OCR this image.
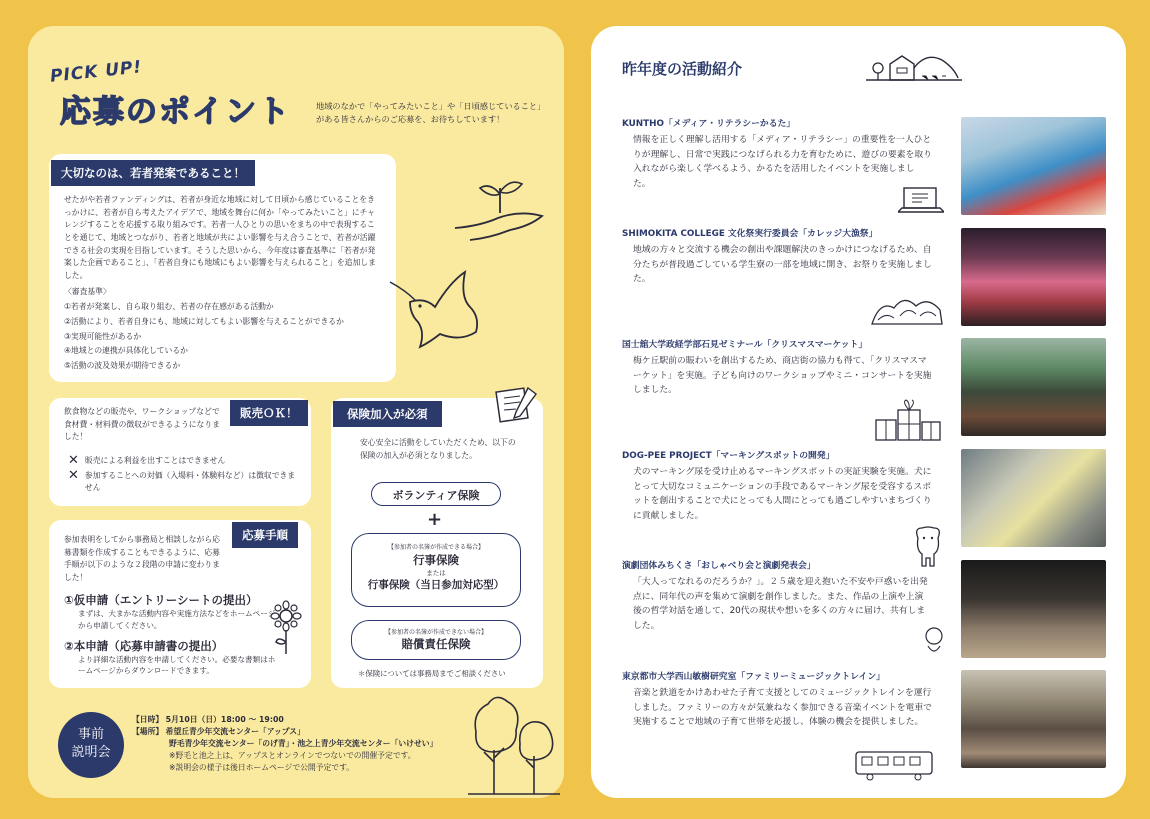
PICK UP!
応募のポイント	地域のなかで「やってみたいこと」や「日頃感じていること」がある皆さんからのご応募を、お待ちしています！
大切なのは、若者発案であること！
せたがや若者ファンディングは、若者が身近な地域に対して日頃から感じていることをきっかけに、若者が自ら考えたアイデアで、地域を舞台に何か「やってみたいこと」にチャレンジすることを応援する取り組みです。若者一人ひとりの思いをまちの中で表現することを通じて、地域とつながり、若者と地域が共によい影響を与え合うことで、若者が活躍できる社会の実現を目指しています。そうした思いから、今年度は審査基準に「若者が発案した企画であること」、「若者自身にも地域にもよい影響を与えられること」を追加しました。
〈審査基準〉
①若者が発案し、自ら取り組む、若者の存在感がある活動か
②活動により、若者自身にも、地域に対してもよい影響を与えることができるか
③実現可能性があるか
④地域との連携が具体化しているか
⑤活動の波及効果が期待できるか
販売ＯＫ！
飲食物などの販売や、ワークショップなどで食材費・材料費の徴収ができるようになりました！
✕ 販売による利益を出すことはできません
✕ 参加することへの対価（入場料・体験料など）は徴収できません
応募手順
参加表明をしてから事務局と相談しながら応募書類を作成することもできるように、応募手順が以下のような２段階の申請に変わりました！
①仮申請（エントリーシートの提出）
まずは、大まかな活動内容や実施方法などをホームページから申請してください。
②本申請（応募申請書の提出）
より詳細な活動内容を申請してください。必要な書類はホームページからダウンロードできます。
保険加入が必須
安心安全に活動をしていただくため、以下の保険の加入が必須となりました。
ボランティア保険
+
【参加者の名簿が作成できる場合】
行事保険
または
行事保険（当日参加対応型）
【参加者の名簿が作成できない場合】
賠償責任保険
＊保険については事務局までご相談ください
事前
説明会
【日時】 5月10日（日）18:00 〜 19:00
【場所】 希望丘青少年交流センター「アップス」
野毛青少年交流センター「のげ青」・池之上青少年交流センター「いけせい」
※野毛と池之上は、アップスとオンラインでつないでの開催予定です。
※説明会の様子は後日ホームページで公開予定です。
昨年度の活動紹介
KUNTHO「メディア・リテラシーかるた」
情報を正しく理解し活用する「メディア・リテラシー」の重要性を一人ひとりが理解し、日常で実践につなげられる力を育むために、遊びの要素を取り入れながら楽しく学べるよう、かるたを活用したイベントを実施しました。
SHIMOKITA COLLEGE 文化祭実行委員会「カレッジ大漁祭」
地域の方々と交流する機会の創出や課題解決のきっかけにつなげるため、自分たちが普段過ごしている学生寮の一部を地域に開き、お祭りを実施しました。
国士舘大学政経学部石見ゼミナール「クリスマスマーケット」
梅ケ丘駅前の賑わいを創出するため、商店街の協力も得て、「クリスマスマーケット」を実施。子ども向けのワークショップやミニ・コンサートを実施しました。
DOG-PEE PROJECT「マーキングスポットの開発」
犬のマーキング尿を受け止めるマーキングスポットの実証実験を実施。犬にとって大切なコミュニケーションの手段であるマーキング尿を受容するスポットを創出することで犬にとっても人間にとっても過ごしやすいまちづくりに貢献しました。
演劇団体みちくさ「おしゃべり会と演劇発表会」
「大人ってなれるのだろうか？」。２５歳を迎え抱いた不安や戸惑いを出発点に、同年代の声を集めて演劇を創作しました。また、作品の上演や上演後の哲学対話を通して、20代の現状や想いを多くの方々に届け、共有しました。
東京都市大学西山敏樹研究室「ファミリーミュージックトレイン」
音楽と鉄道をかけあわせた子育て支援としてのミュージックトレインを運行しました。ファミリーの方々が気兼ねなく参加できる音楽イベントを電車で実施することで地域の子育て世帯を応援し、体験の機会を提供しました。
